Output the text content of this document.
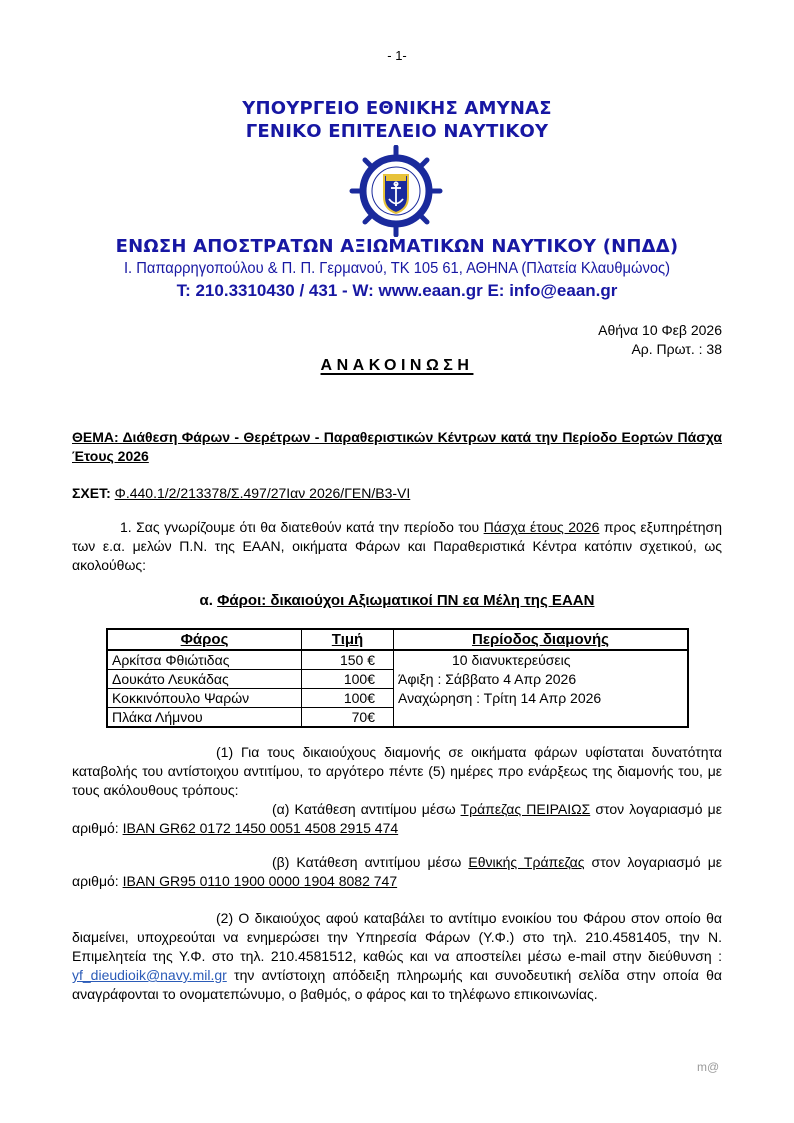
- 1-
ΥΠΟΥΡΓΕΙΟ ΕΘΝΙΚΗΣ ΑΜΥΝΑΣ
ΓΕΝΙΚΟ ΕΠΙΤΕΛΕΙΟ ΝΑΥΤΙΚΟΥ
ΕΝΩΣΗ ΑΠΟΣΤΡΑΤΩΝ ΑΞΙΩΜΑΤΙΚΩΝ ΝΑΥΤΙΚΟΥ (ΝΠΔΔ)
Ι. Παπαρρηγοπούλου & Π. Π. Γερμανού, ΤΚ 105 61, ΑΘΗΝΑ (Πλατεία Κλαυθμώνος)
T: 210.3310430 / 431 - W: www.eaan.gr E: info@eaan.gr
Αθήνα 10 Φεβ 2026
Αρ. Πρωτ. : 38
ΑΝΑΚΟΙΝΩΣΗ
ΘΕΜΑ: Διάθεση Φάρων - Θερέτρων - Παραθεριστικών Κέντρων κατά την Περίοδο Εορτών Πάσχα Έτους 2026
ΣΧΕΤ: Φ.440.1/2/213378/Σ.497/27Ιαν 2026/ΓΕΝ/Β3-VI
1. Σας γνωρίζουμε ότι θα διατεθούν κατά την περίοδο του Πάσχα έτους 2026 προς εξυπηρέτηση των ε.α. μελών Π.Ν. της ΕΑΑΝ, οικήματα Φάρων και Παραθεριστικά Κέντρα κατόπιν σχετικού, ως ακολούθως:
α. Φάροι: δικαιούχοι Αξιωματικοί ΠΝ εα Μέλη της ΕΑΑΝ
Φάρος	Τιμή	Περίοδος διαμονής
Αρκίτσα Φθιώτιδας	150 €	10 διανυκτερεύσεις
Άφιξη : Σάββατο 4 Απρ 2026
Αναχώρηση : Τρίτη 14 Απρ 2026

Δουκάτο Λευκάδας	100€	
Κοκκινόπουλο Ψαρών	100€	
Πλάκα Λήμνου	70€	
(1) Για τους δικαιούχους διαμονής σε οικήματα φάρων υφίσταται δυνατότητα καταβολής του αντίστοιχου αντιτίμου, το αργότερο πέντε (5) ημέρες προ ενάρξεως της διαμονής του, με τους ακόλουθους τρόπους:
(α) Κατάθεση αντιτίμου μέσω Τράπεζας ΠΕΙΡΑΙΩΣ στον λογαριασμό με αριθμό: IBAN GR62 0172 1450 0051 4508 2915 474
(β) Κατάθεση αντιτίμου μέσω Εθνικής Τράπεζας στον λογαριασμό με αριθμό: IBAN GR95 0110 1900 0000 1904 8082 747
(2) Ο δικαιούχος αφού καταβάλει το αντίτιμο ενοικίου του Φάρου στον οποίο θα διαμείνει, υποχρεούται να ενημερώσει την Υπηρεσία Φάρων (Υ.Φ.) στο τηλ. 210.4581405, την Ν. Επιμελητεία της Υ.Φ. στο τηλ. 210.4581512, καθώς και να αποστείλει μέσω e-mail στην διεύθυνση : yf_dieudioik@navy.mil.gr την αντίστοιχη απόδειξη πληρωμής και συνοδευτική σελίδα στην οποία θα αναγράφονται το ονοματεπώνυμο, ο βαθμός, ο φάρος και το τηλέφωνο επικοινωνίας.
m@
